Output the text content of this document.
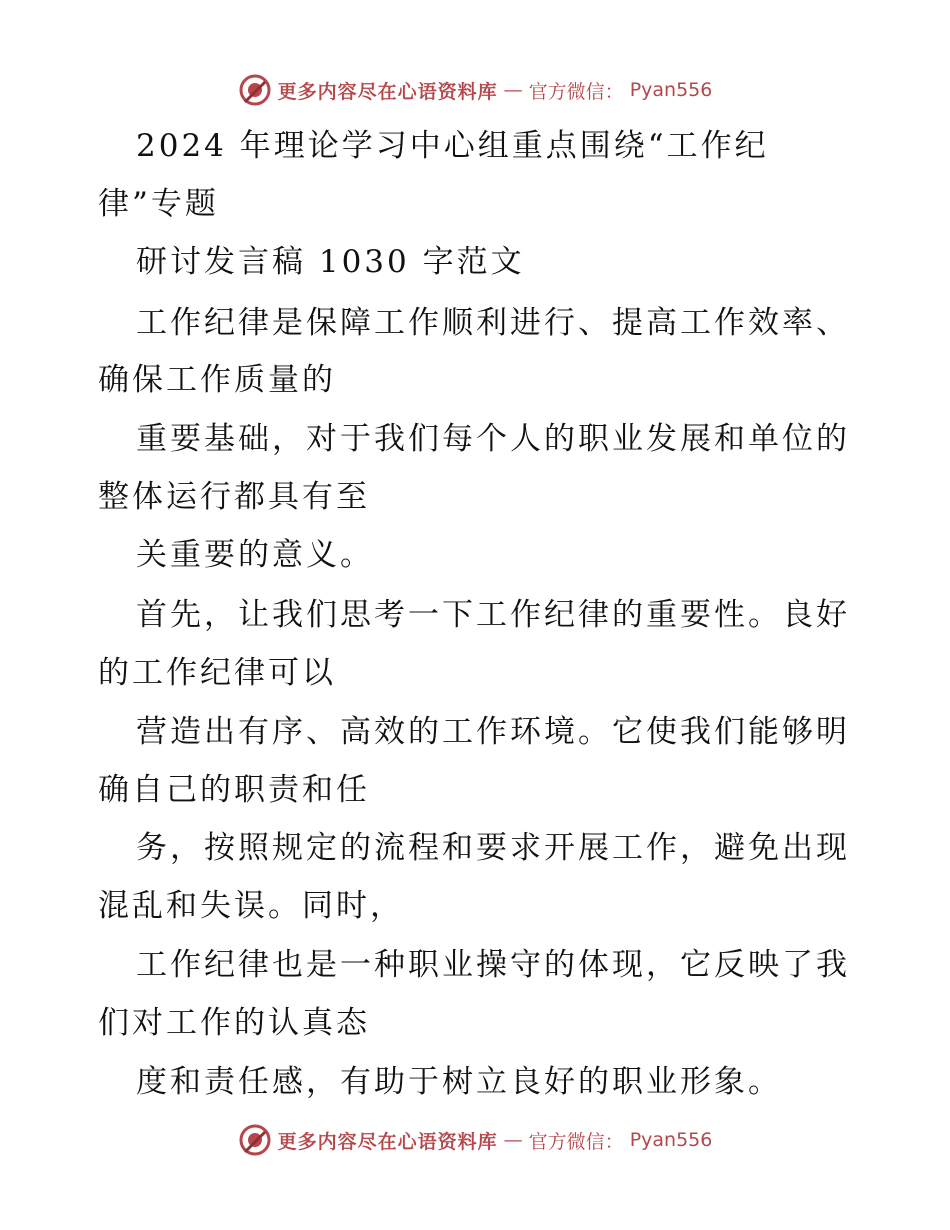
更多内容尽在心语资料库 — 官方微信： Pyan556
2024 年理论学习中心组重点围绕“工作纪
律”专题
研讨发言稿 1030 字范文
工作纪律是保障工作顺利进行、提高工作效率、
确保工作质量的
重要基础，对于我们每个人的职业发展和单位的
整体运行都具有至
关重要的意义。
首先，让我们思考一下工作纪律的重要性。良好
的工作纪律可以
营造出有序、高效的工作环境。它使我们能够明
确自己的职责和任
务，按照规定的流程和要求开展工作，避免出现
混乱和失误。同时，
工作纪律也是一种职业操守的体现，它反映了我
们对工作的认真态
度和责任感，有助于树立良好的职业形象。
更多内容尽在心语资料库 — 官方微信： Pyan556
